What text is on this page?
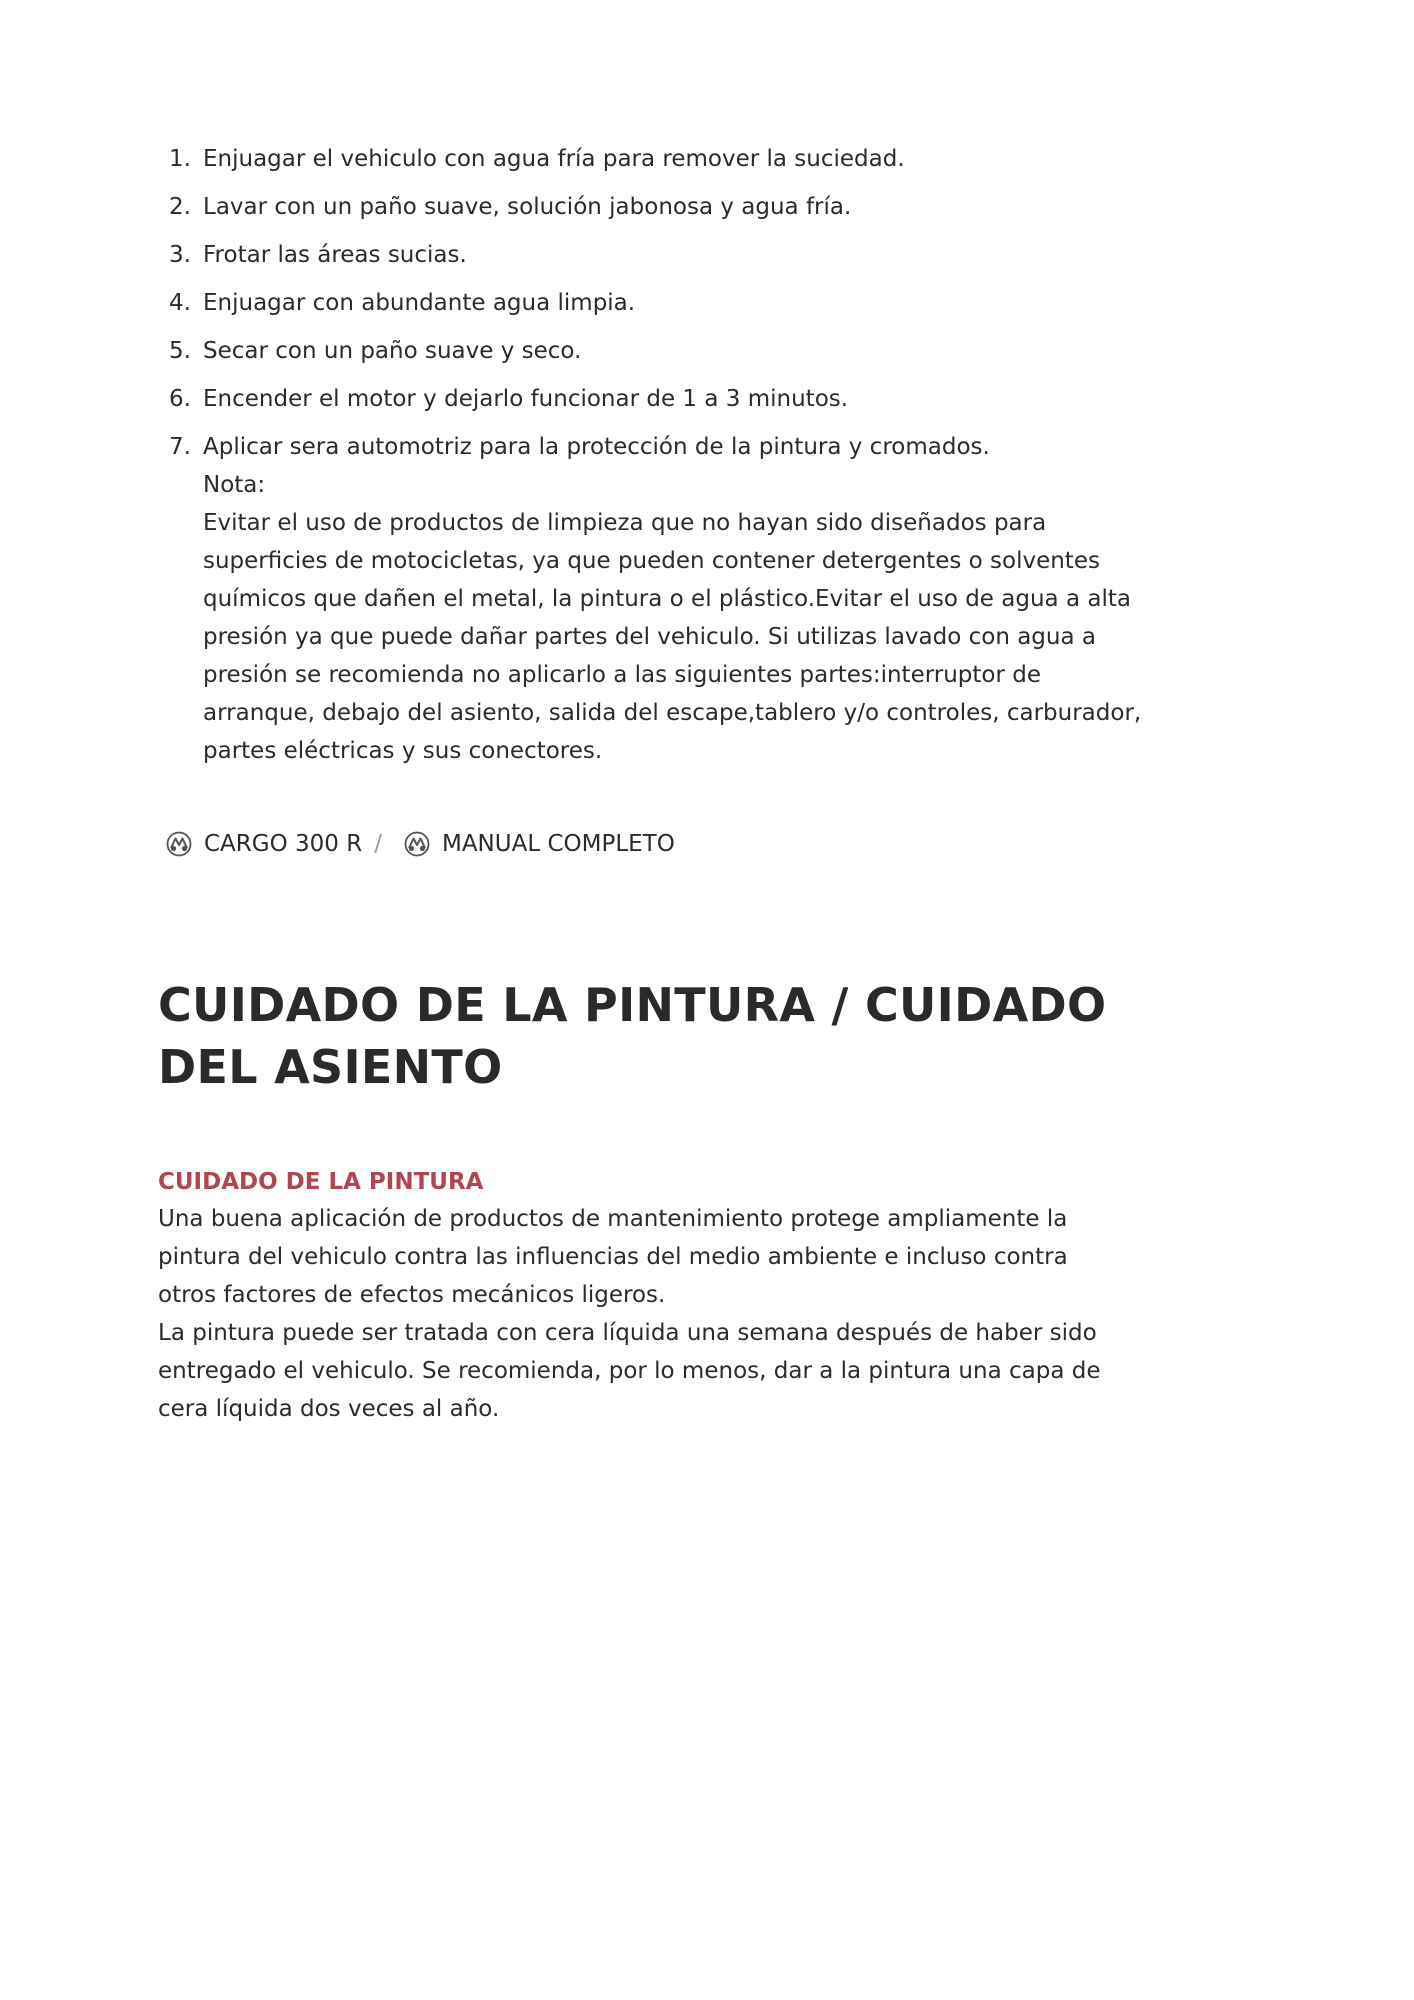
1. Enjuagar el vehiculo con agua fría para remover la suciedad.
2. Lavar con un paño suave, solución jabonosa y agua fría.
3. Frotar las áreas sucias.
4. Enjuagar con abundante agua limpia.
5. Secar con un paño suave y seco.
6. Encender el motor y dejarlo funcionar de 1 a 3 minutos.
7. Aplicar sera automotriz para la protección de la pintura y cromados.
Nota:
Evitar el uso de productos de limpieza que no hayan sido diseñados para superficies de motocicletas, ya que pueden contener detergentes o solventes químicos que dañen el metal, la pintura o el plástico.Evitar el uso de agua a alta presión ya que puede dañar partes del vehiculo. Si utilizas lavado con agua a presión se recomienda no aplicarlo a las siguientes partes:interruptor de arranque, debajo del asiento, salida del escape,tablero y/o controles, carburador, partes eléctricas y sus conectores.
CARGO 300 R /	MANUAL COMPLETO
CUIDADO DE LA PINTURA / CUIDADO DEL ASIENTO
CUIDADO DE LA PINTURA

Una buena aplicación de productos de mantenimiento protege ampliamente la pintura del vehiculo contra las influencias del medio ambiente e incluso contra otros factores de efectos mecánicos ligeros.

La pintura puede ser tratada con cera líquida una semana después de haber sido entregado el vehiculo. Se recomienda, por lo menos, dar a la pintura una capa de cera líquida dos veces al año.
